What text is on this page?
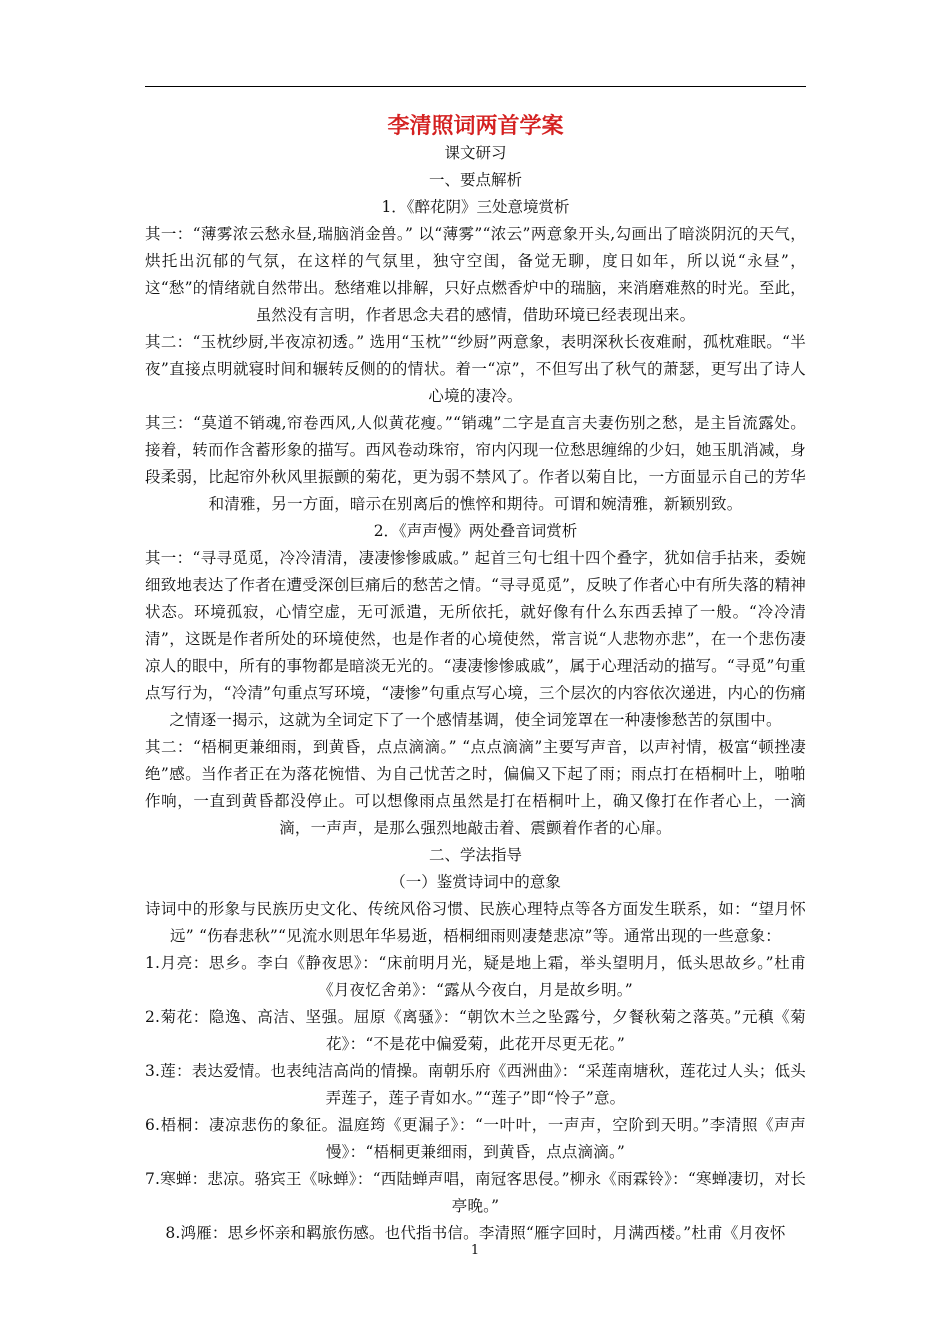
李清照词两首学案

课文研习

一、要点解析

1．《醉花阴》三处意境赏析

其一：“薄雾浓云愁永昼,瑞脑消金兽。” 以“薄雾”“浓云”两意象开头,勾画出了暗淡阴沉的天气，烘托出沉郁的气氛，在这样的气氛里，独守空闺，备觉无聊，度日如年，所以说“永昼”，这“愁”的情绪就自然带出。愁绪难以排解，只好点燃香炉中的瑞脑，来消磨难熬的时光。至此，虽然没有言明，作者思念夫君的感情，借助环境已经表现出来。

其二：“玉枕纱厨,半夜凉初透。” 选用“玉枕”“纱厨”两意象，表明深秋长夜难耐，孤枕难眠。“半夜”直接点明就寝时间和辗转反侧的的情状。着一“凉”，不但写出了秋气的萧瑟，更写出了诗人心境的凄冷。

其三：“莫道不销魂,帘卷西风,人似黄花瘦。”“销魂”二字是直言夫妻伤别之愁，是主旨流露处。接着，转而作含蓄形象的描写。西风卷动珠帘，帘内闪现一位愁思缠绵的少妇，她玉肌消减，身段柔弱，比起帘外秋风里振颤的菊花，更为弱不禁风了。作者以菊自比，一方面显示自己的芳华和清雅，另一方面，暗示在别离后的憔悴和期待。可谓和婉清雅，新颖别致。

2．《声声慢》两处叠音词赏析

其一：“寻寻觅觅，冷冷清清，凄凄惨惨戚戚。” 起首三句七组十四个叠字，犹如信手拈来，委婉细致地表达了作者在遭受深创巨痛后的愁苦之情。“寻寻觅觅”，反映了作者心中有所失落的精神状态。环境孤寂，心情空虚，无可派遣，无所依托，就好像有什么东西丢掉了一般。“冷冷清清”，这既是作者所处的环境使然，也是作者的心境使然，常言说“人悲物亦悲”，在一个悲伤凄凉人的眼中，所有的事物都是暗淡无光的。“凄凄惨惨戚戚”，属于心理活动的描写。“寻觅”句重点写行为，“冷清”句重点写环境，“凄惨”句重点写心境，三个层次的内容依次递进，内心的伤痛之情逐一揭示，这就为全词定下了一个感情基调，使全词笼罩在一种凄惨愁苦的氛围中。

其二：“梧桐更兼细雨，到黄昏，点点滴滴。” “点点滴滴”主要写声音，以声衬情，极富“顿挫凄绝”感。当作者正在为落花惋惜、为自己忧苦之时，偏偏又下起了雨；雨点打在梧桐叶上，啪啪作响，一直到黄昏都没停止。可以想像雨点虽然是打在梧桐叶上，确又像打在作者心上，一滴滴，一声声，是那么强烈地敲击着、震颤着作者的心扉。

二、学法指导

（一）鉴赏诗词中的意象

诗词中的形象与民族历史文化、传统风俗习惯、民族心理特点等各方面发生联系，如：“望月怀远” “伤春悲秋”“见流水则思年华易逝，梧桐细雨则凄楚悲凉”等。通常出现的一些意象：

1.月亮：思乡。李白《静夜思》：“床前明月光，疑是地上霜，举头望明月，低头思故乡。”杜甫《月夜忆舍弟》：“露从今夜白，月是故乡明。”

2.菊花：隐逸、高洁、坚强。屈原《离骚》：“朝饮木兰之坠露兮，夕餐秋菊之落英。”元稹《菊花》：“不是花中偏爱菊，此花开尽更无花。”

3.莲：表达爱情。也表纯洁高尚的情操。南朝乐府《西洲曲》：“采莲南塘秋，莲花过人头；低头弄莲子，莲子青如水。”“莲子”即“怜子”意。

6.梧桐：凄凉悲伤的象征。温庭筠《更漏子》：“一叶叶，一声声，空阶到天明。”李清照《声声慢》：“梧桐更兼细雨，到黄昏，点点滴滴。”

7.寒蝉：悲凉。骆宾王《咏蝉》：“西陆蝉声唱，南冠客思侵。”柳永《雨霖铃》：“寒蝉凄切，对长亭晚。”

8.鸿雁：思乡怀亲和羁旅伤感。也代指书信。李清照“雁字回时，月满西楼。”杜甫《月夜怀

1
